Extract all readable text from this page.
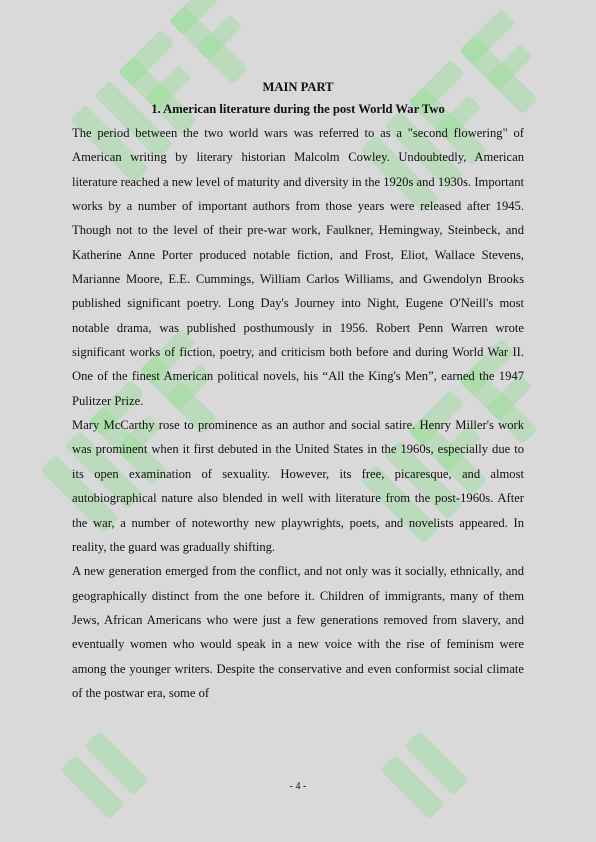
MAIN PART
1. American literature during the post World War Two

The period between the two world wars was referred to as a "second flowering" of American writing by literary historian Malcolm Cowley. Undoubtedly, American literature reached a new level of maturity and diversity in the 1920s and 1930s. Important works by a number of important authors from those years were released after 1945. Though not to the level of their pre-war work, Faulkner, Hemingway, Steinbeck, and Katherine Anne Porter produced notable fiction, and Frost, Eliot, Wallace Stevens, Marianne Moore, E.E. Cummings, William Carlos Williams, and Gwendolyn Brooks published significant poetry. Long Day's Journey into Night, Eugene O'Neill's most notable drama, was published posthumously in 1956. Robert Penn Warren wrote significant works of fiction, poetry, and criticism both before and during World War II. One of the finest American political novels, his “All the King's Men”, earned the 1947 Pulitzer Prize.

Mary McCarthy rose to prominence as an author and social satire. Henry Miller's work was prominent when it first debuted in the United States in the 1960s, especially due to its open examination of sexuality. However, its free, picaresque, and almost autobiographical nature also blended in well with literature from the post-1960s. After the war, a number of noteworthy new playwrights, poets, and novelists appeared. In reality, the guard was gradually shifting.

A new generation emerged from the conflict, and not only was it socially, ethnically, and geographically distinct from the one before it. Children of immigrants, many of them Jews, African Americans who were just a few generations removed from slavery, and eventually women who would speak in a new voice with the rise of feminism were among the younger writers. Despite the conservative and even conformist social climate of the postwar era, some of

- 4 -
